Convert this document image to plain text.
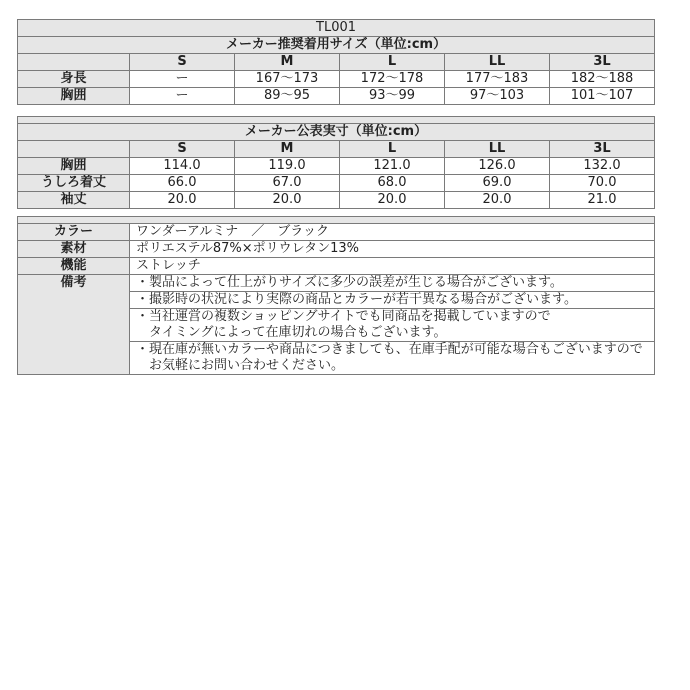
TL001					
メーカー推奨着用サイズ（単位:cm）					
	S	M	L	LL	3L
身長	ー	167～173	172～178	177～183	182～188
胸囲	ー	89～95	93～99	97～103	101～107

メーカー公表実寸（単位:cm）					
	S	M	L	LL	3L
胸囲	114.0	119.0	121.0	126.0	132.0
うしろ着丈	66.0	67.0	68.0	69.0	70.0
袖丈	20.0	20.0	20.0	20.0	21.0

カラー	ワンダーアルミナ　／　ブラック
素材	ポリエステル87%×ポリウレタン13%
機能	ストレッチ
備考	・製品によって仕上がりサイズに多少の誤差が生じる場合がございます。
	・撮影時の状況により実際の商品とカラーが若干異なる場合がございます。

	・当社運営の複数ショッピングサイトでも同商品を掲載していますので
　タイミングによって在庫切れの場合もございます。

	・現在庫が無いカラーや商品につきましても、在庫手配が可能な場合もございますので
　お気軽にお問い合わせください。
